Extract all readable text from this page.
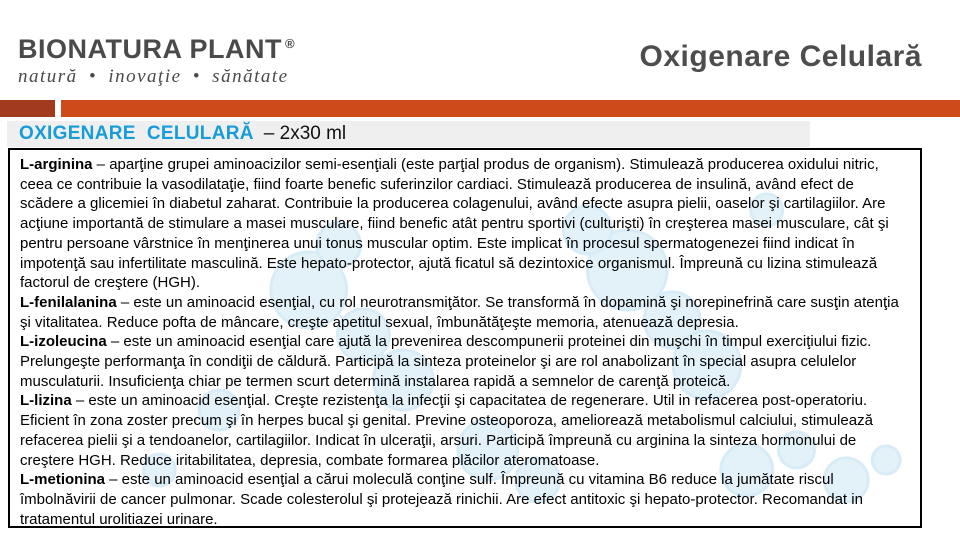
BIONATURA PLANT ®
natură • inovaţie • sănătate
Oxigenare Celulară
OXIGENARE  CELULARĂ – 2x30 ml

L-arginina – aparţine grupei aminoacizilor semi-esenţiali (este parţial produs de organism). Stimulează producerea oxidului nitric, ceea ce contribuie la vasodilataţie, fiind foarte benefic suferinzilor cardiaci. Stimulează producerea de insulină, având efect de scădere a glicemiei în diabetul zaharat. Contribuie la producerea colagenului, având efecte asupra pielii, oaselor şi cartilagiilor. Are acţiune importantă de stimulare a masei musculare, fiind benefic atât pentru sportivi (culturişti) în creşterea masei musculare, cât şi pentru persoane vârstnice în menţinerea unui tonus muscular optim. Este implicat în procesul spermatogenezei fiind indicat în impotenţă sau infertilitate masculină. Este hepato-protector, ajută ficatul să dezintoxice organismul. Împreună cu lizina stimulează factorul de creştere (HGH).

L-fenilalanina – este un aminoacid esenţial, cu rol neurotransmiţător. Se transformă în dopamină şi norepinefrină care susţin atenţia şi vitalitatea. Reduce pofta de mâncare, creşte apetitul sexual, îmbunătăţeşte memoria, atenuează depresia.

L-izoleucina – este un aminoacid esenţial care ajută la prevenirea descompunerii proteinei din muşchi în timpul exerciţiului fizic. Prelungeşte performanţa în condiţii de căldură. Participă la sinteza proteinelor şi are rol anabolizant în special asupra celulelor musculaturii. Insuficienţa chiar pe termen scurt determină instalarea rapidă a semnelor de carenţă proteică.

L-lizina – este un aminoacid esenţial. Creşte rezistenţa la infecţii şi capacitatea de regenerare. Util in refacerea post-operatoriu. Eficient în zona zoster precum şi în herpes bucal şi genital. Previne osteoporoza, ameliorează metabolismul calciului, stimulează refacerea pielii şi a tendoanelor, cartilagiilor. Indicat în ulceraţii, arsuri. Participă împreună cu arginina la sinteza hormonului de creştere HGH. Reduce iritabilitatea, depresia, combate formarea plăcilor ateromatoase.

L-metionina – este un aminoacid esenţial a cărui moleculă conţine sulf. Împreună cu vitamina B6 reduce la jumătate riscul îmbolnăvirii de cancer pulmonar. Scade colesterolul şi protejează rinichii. Are efect antitoxic şi hepato-protector. Recomandat in tratamentul urolitiazei urinare.
